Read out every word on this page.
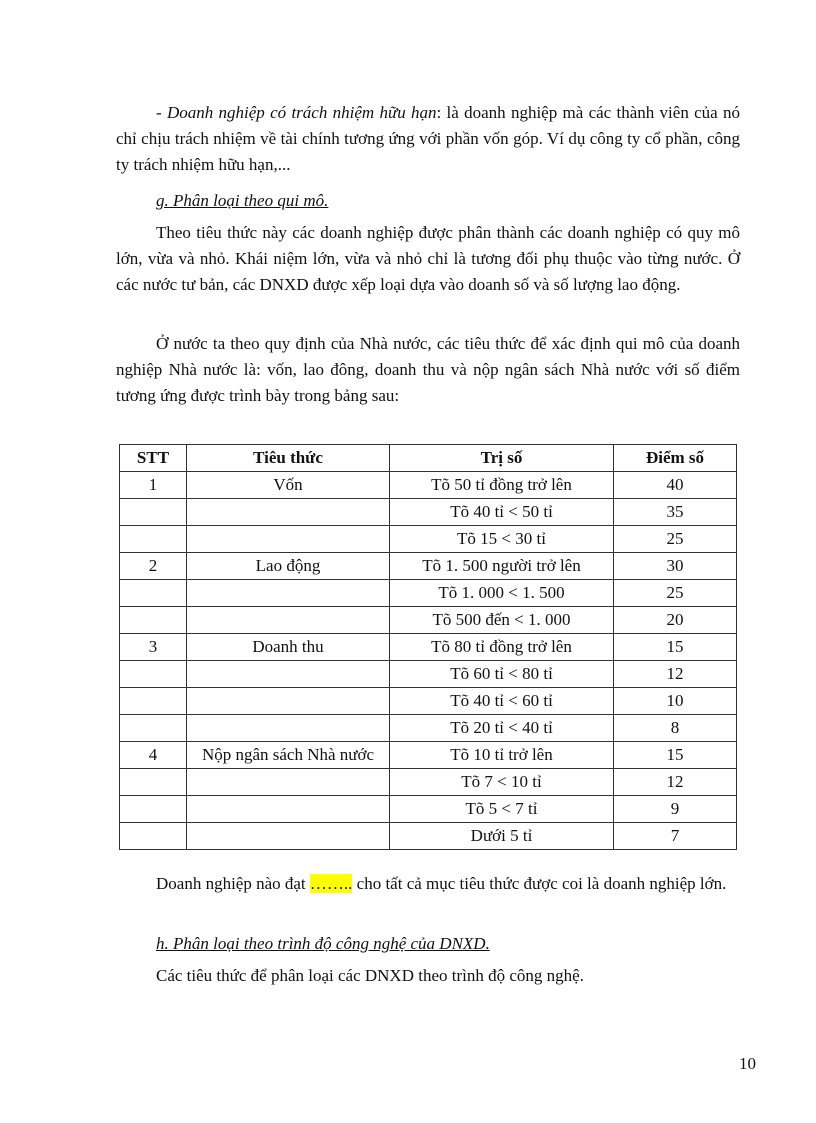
- Doanh nghiệp có trách nhiệm hữu hạn: là doanh nghiệp mà các thành viên của nó chỉ chịu trách nhiệm về tài chính tương ứng với phần vốn góp. Ví dụ công ty cổ phần, công ty trách nhiệm hữu hạn,...

g. Phân loại theo qui mô.

Theo tiêu thức này các doanh nghiệp được phân thành các doanh nghiệp có quy mô lớn, vừa và nhỏ. Khái niệm lớn, vừa và nhỏ chỉ là tương đối phụ thuộc vào từng nước. Ở các nước tư bản, các DNXD được xếp loại dựa vào doanh số và số lượng lao động.

Ở nước ta theo quy định của Nhà nước, các tiêu thức để xác định qui mô của doanh nghiệp Nhà nước là: vốn, lao đông, doanh thu và nộp ngân sách Nhà nước với số điểm tương ứng được trình bày trong bảng sau:

STT	Tiêu thức	Trị số	Điểm số
1	Vốn	Tõ 50 tỉ đồng trở lên	40
		Tõ 40 tỉ < 50 tỉ	35
		Tõ 15 < 30 tỉ	25
2	Lao động	Tõ 1. 500 người trở lên	30
		Tõ 1. 000 < 1. 500	25
		Tõ 500 đến < 1. 000	20
3	Doanh thu	Tõ 80 tỉ đồng trở lên	15
		Tõ 60 tỉ < 80 tỉ	12
		Tõ 40 tỉ < 60 tỉ	10
		Tõ 20 tỉ < 40 tỉ	8
4	Nộp ngân sách Nhà nước	Tõ 10 tỉ trở lên	15
		Tõ 7 < 10 tỉ	12
		Tõ 5 < 7 tỉ	9
		Dưới 5 tỉ	7

Doanh nghiệp nào đạt …….. cho tất cả mục tiêu thức được coi là doanh nghiệp lớn.

h. Phân loại theo trình độ công nghệ của DNXD.

Các tiêu thức để phân loại các DNXD theo trình độ công nghệ.

10
